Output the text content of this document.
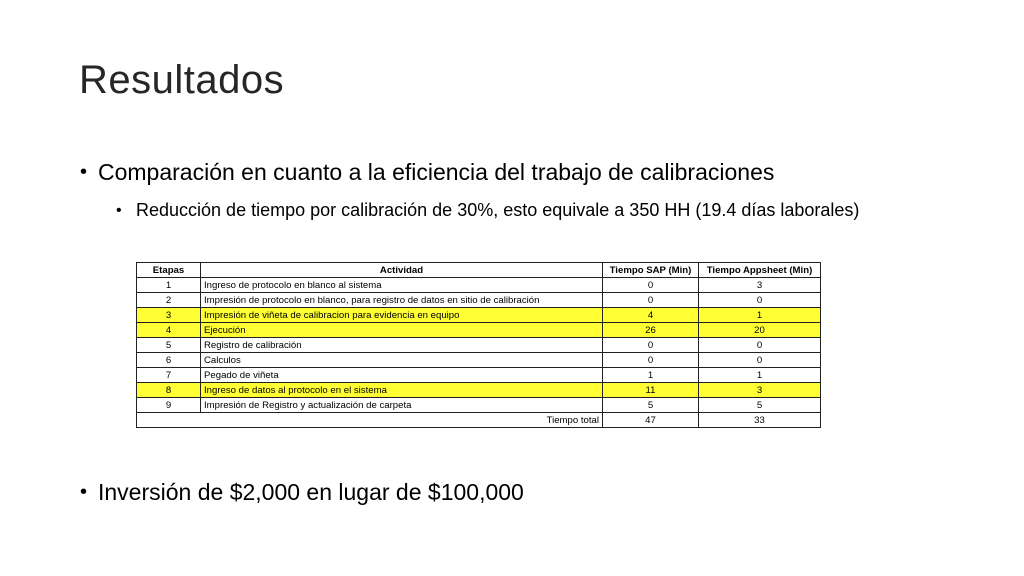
Resultados
• Comparación en cuanto a la eficiencia del trabajo de calibraciones
• Reducción de tiempo por calibración de 30%, esto equivale a 350 HH (19.4 días laborales)
Etapas	Actividad	Tiempo SAP (Min)	Tiempo Appsheet (Min)
1	Ingreso de protocolo en blanco al sistema	0	3
2	Impresión de protocolo en blanco, para registro de datos en sitio de calibración	0	0
3	Impresión de viñeta de calibracion para evidencia en equipo	4	1
4	Ejecución	26	20
5	Registro de calibración	0	0
6	Calculos	0	0
7	Pegado de viñeta	1	1
8	Ingreso de datos al protocolo en el sistema	11	3
9	Impresión de Registro y actualización de carpeta	5	5
Tiempo total		47	33
• Inversión de $2,000 en lugar de $100,000
